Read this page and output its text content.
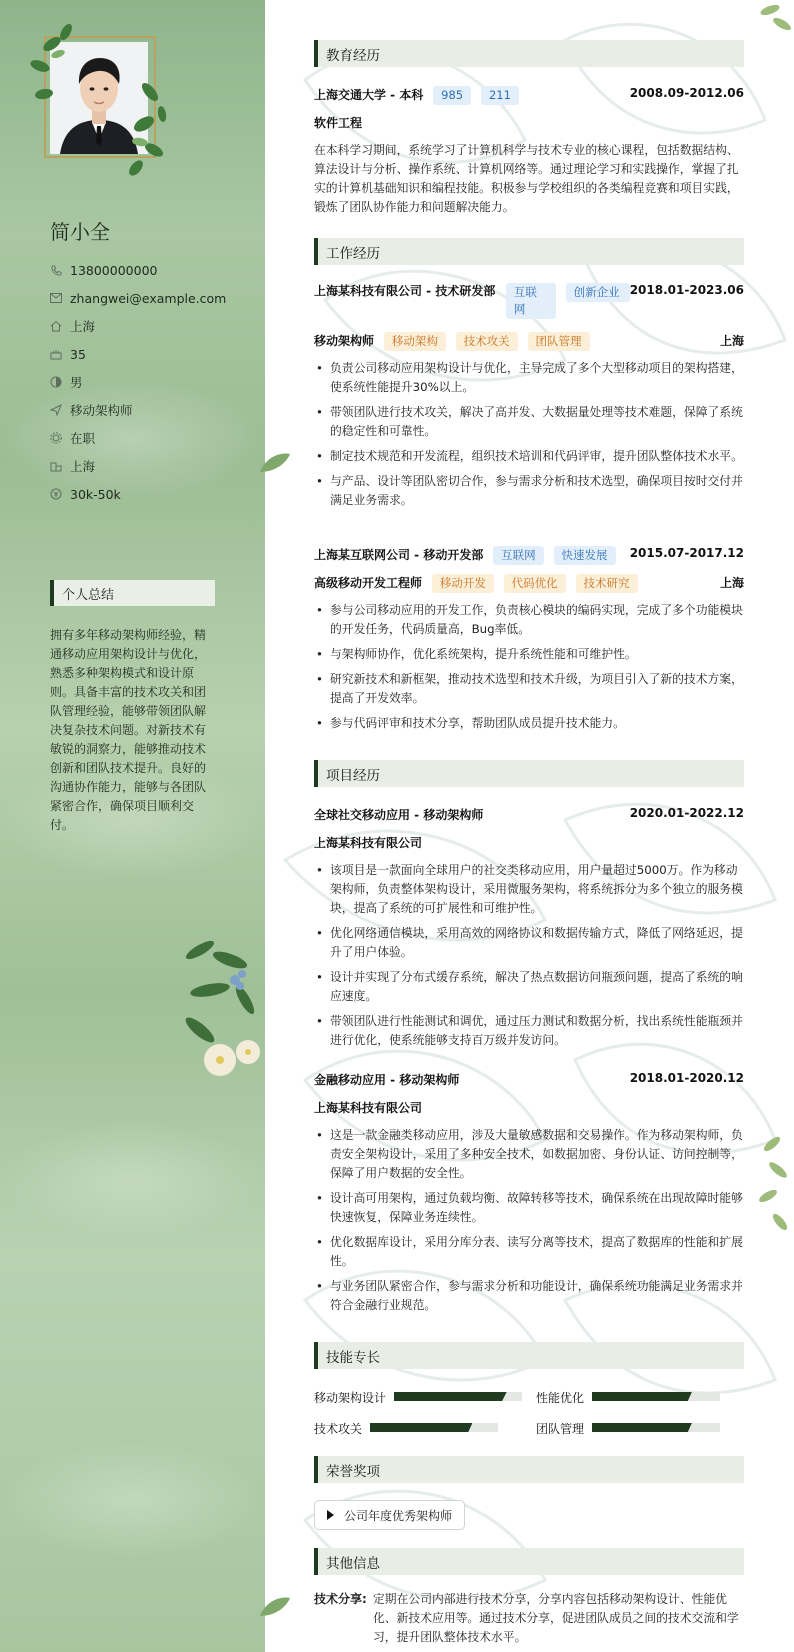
简小全
13800000000
zhangwei@example.com
上海
35
男
移动架构师
在职
上海
30k-50k
个人总结
拥有多年移动架构师经验，精通移动应用架构设计与优化，熟悉多种架构模式和设计原则。具备丰富的技术攻关和团队管理经验，能够带领团队解决复杂技术问题。对新技术有敏锐的洞察力，能够推动技术创新和团队技术提升。良好的沟通协作能力，能够与各团队紧密合作，确保项目顺利交付。
教育经历
上海交通大学 - 本科 985 211	2008.09-2012.06
软件工程
在本科学习期间，系统学习了计算机科学与技术专业的核心课程，包括数据结构、算法设计与分析、操作系统、计算机网络等。通过理论学习和实践操作，掌握了扎实的计算机基础知识和编程技能。积极参与学校组织的各类编程竞赛和项目实践，锻炼了团队协作能力和问题解决能力。
工作经历
上海某科技有限公司 - 技术研发部 互联网 创新企业 2018.01-2023.06
移动架构师 移动架构 技术攻关 团队管理	上海
• 负责公司移动应用架构设计与优化，主导完成了多个大型移动项目的架构搭建，使系统性能提升30%以上。
• 带领团队进行技术攻关，解决了高并发、大数据量处理等技术难题，保障了系统的稳定性和可靠性。
• 制定技术规范和开发流程，组织技术培训和代码评审，提升团队整体技术水平。
• 与产品、设计等团队密切合作，参与需求分析和技术选型，确保项目按时交付并满足业务需求。
上海某互联网公司 - 移动开发部 互联网 快速发展 2015.07-2017.12
高级移动开发工程师 移动开发 代码优化 技术研究	上海
• 参与公司移动应用的开发工作，负责核心模块的编码实现，完成了多个功能模块的开发任务，代码质量高，Bug率低。
• 与架构师协作，优化系统架构，提升系统性能和可维护性。
• 研究新技术和新框架，推动技术选型和技术升级，为项目引入了新的技术方案，提高了开发效率。
• 参与代码评审和技术分享，帮助团队成员提升技术能力。
项目经历
全球社交移动应用 - 移动架构师	2020.01-2022.12
上海某科技有限公司
• 该项目是一款面向全球用户的社交类移动应用，用户量超过5000万。作为移动架构师，负责整体架构设计，采用微服务架构，将系统拆分为多个独立的服务模块，提高了系统的可扩展性和可维护性。
• 优化网络通信模块，采用高效的网络协议和数据传输方式，降低了网络延迟，提升了用户体验。
• 设计并实现了分布式缓存系统，解决了热点数据访问瓶颈问题，提高了系统的响应速度。
• 带领团队进行性能测试和调优，通过压力测试和数据分析，找出系统性能瓶颈并进行优化，使系统能够支持百万级并发访问。
金融移动应用 - 移动架构师	2018.01-2020.12
上海某科技有限公司
• 这是一款金融类移动应用，涉及大量敏感数据和交易操作。作为移动架构师，负责安全架构设计，采用了多种安全技术，如数据加密、身份认证、访问控制等，保障了用户数据的安全性。
• 设计高可用架构，通过负载均衡、故障转移等技术，确保系统在出现故障时能够快速恢复，保障业务连续性。
• 优化数据库设计，采用分库分表、读写分离等技术，提高了数据库的性能和扩展性。
• 与业务团队紧密合作，参与需求分析和功能设计，确保系统功能满足业务需求并符合金融行业规范。
技能专长
移动架构设计	性能优化
技术攻关	团队管理
荣誉奖项
公司年度优秀架构师
其他信息
技术分享: 定期在公司内部进行技术分享，分享内容包括移动架构设计、性能优化、新技术应用等。通过技术分享，促进团队成员之间的技术交流和学习，提升团队整体技术水平。
